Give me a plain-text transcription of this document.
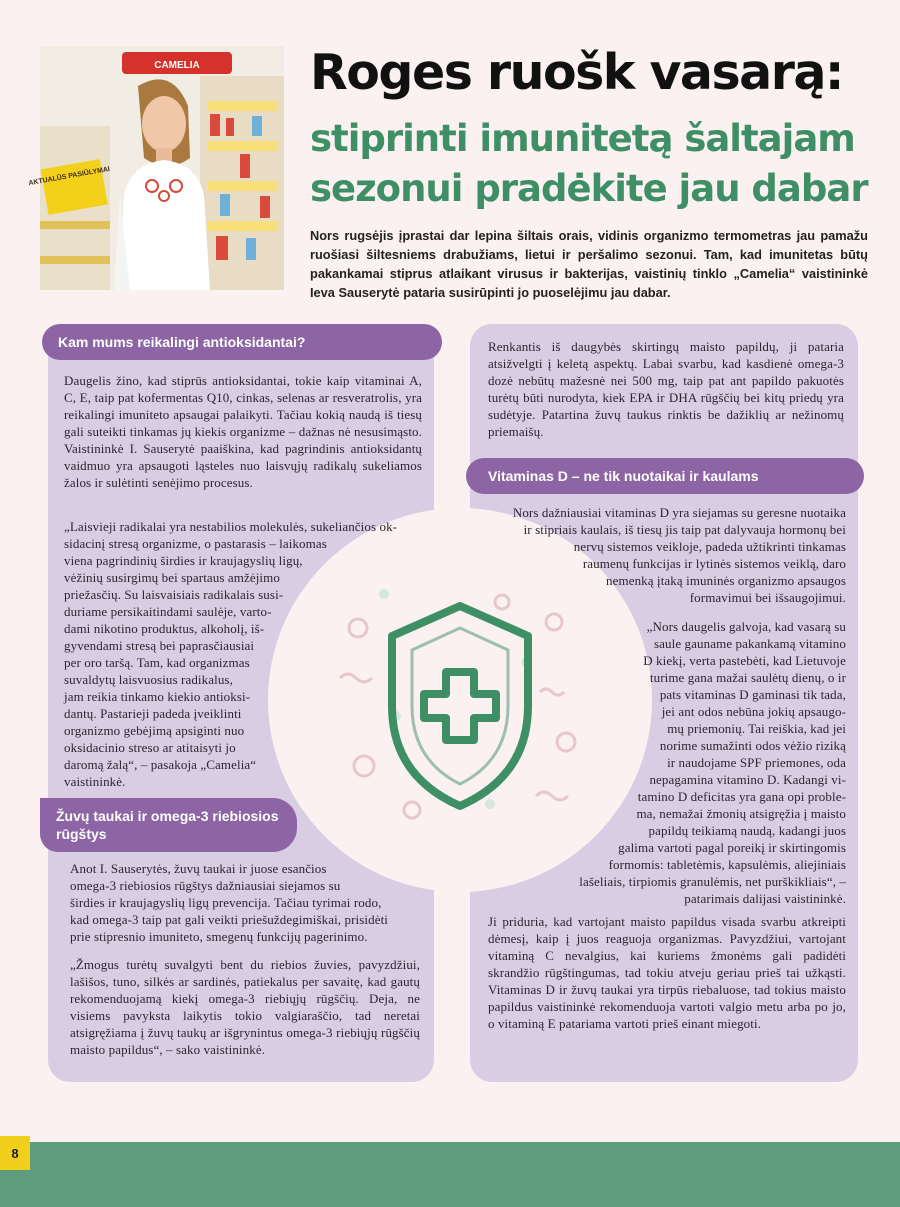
CAMELIA
AKTUALŪS PASIŪLYMAI
Roges ruošk vasarą:
stiprinti imunitetą šaltajam
sezonui pradėkite jau dabar
Nors rugsėjis įprastai dar lepina šiltais orais, vidinis organizmo termometras jau pamažu ruošiasi šiltesniems drabužiams, lietui ir peršalimo sezonui. Tam, kad imunitetas būtų pakankamai stiprus atlaikant virusus ir bakterijas, vaistinių tinklo „Camelia“ vaistininkė Ieva Sauserytė pataria susirūpinti jo puoselėjimu jau dabar.
Kam mums reikalingi antioksidantai?
Vitaminas D – ne tik nuotaikai ir kaulams
Žuvų taukai ir omega-3 riebiosios rūgštys

Daugelis žino, kad stiprūs antioksidantai, tokie kaip vitaminai A, C, E, taip pat kofermentas Q10, cinkas, selenas ar resveratrolis, yra reikalingi imuniteto apsaugai palaikyti. Tačiau kokią naudą iš tiesų gali suteikti tinkamas jų kiekis organizme – dažnas nė nesusimąsto. Vaistininkė I. Sauserytė paaiškina, kad pagrindinis antioksidantų vaidmuo yra apsaugoti ląsteles nuo laisvųjų radikalų sukeliamos žalos ir sulėtinti senėjimo procesus.

„Laisvieji radikalai yra nestabilios molekulės, sukeliančios ok-
sidacinį stresą organizme, o pastarasis – laikomas
viena pagrindinių širdies ir kraujagyslių ligų,
vėžinių susirgimų bei spartaus amžėjimo
priežasčių. Su laisvaisiais radikalais susi-
duriame persikaitindami saulėje, varto-
dami nikotino produktus, alkoholį, iš-
gyvendami stresą bei paprasčiausiai
per oro taršą. Tam, kad organizmas
suvaldytų laisvuosius radikalus,
jam reikia tinkamo kiekio antioksi-
dantų. Pastarieji padeda įveiklinti
organizmo gebėjimą apsiginti nuo
oksidacinio streso ar atitaisyti jo
daromą žalą“, – pasakoja „Camelia“
vaistininkė.
Anot I. Sauserytės, žuvų taukai ir juose esančios
omega-3 riebiosios rūgštys dažniausiai siejamos su
širdies ir kraujagyslių ligų prevencija. Tačiau tyrimai rodo,
kad omega-3 taip pat gali veikti priešuždegimiškai, prisidėti
prie stipresnio imuniteto, smegenų funkcijų pagerinimo.
„Žmogus turėtų suvalgyti bent du riebios žuvies, pavyzdžiui, lašišos, tuno, silkės ar sardinės, patiekalus per savaitę, kad gautų rekomenduojamą kiekį omega-3 riebiųjų rūgščių. Deja, ne visiems pavyksta laikytis tokio valgiaraščio, tad neretai atsigręžiama į žuvų taukų ar išgrynintus omega-3 riebiųjų rūgščių maisto papildus“, – sako vaistininkė.
Renkantis iš daugybės skirtingų maisto papildų, ji pataria atsižvelgti į keletą aspektų. Labai svarbu, kad kasdienė omega-3 dozė nebūtų mažesnė nei 500 mg, taip pat ant papildo pakuotės turėtų būti nurodyta, kiek EPA ir DHA rūgščių bei kitų priedų yra sudėtyje. Patartina žuvų taukus rinktis be dažiklių ar nežinomų priemaišų.
Nors dažniausiai vitaminas D yra siejamas su geresne nuotaika
ir stipriais kaulais, iš tiesų jis taip pat dalyvauja hormonų bei
nervų sistemos veikloje, padeda užtikrinti tinkamas
raumenų funkcijas ir lytinės sistemos veiklą, daro
nemenką įtaką imuninės organizmo apsaugos
formavimui bei išsaugojimui.
„Nors daugelis galvoja, kad vasarą su
saule gauname pakankamą vitamino
D kiekį, verta pastebėti, kad Lietuvoje
turime gana mažai saulėtų dienų, o ir
pats vitaminas D gaminasi tik tada,
jei ant odos nebūna jokių apsaugo-
mų priemonių. Tai reiškia, kad jei
norime sumažinti odos vėžio riziką
ir naudojame SPF priemones, oda
nepagamina vitamino D. Kadangi vi-
tamino D deficitas yra gana opi proble-
ma, nemažai žmonių atsigręžia į maisto
papildų teikiamą naudą, kadangi juos
galima vartoti pagal poreikį ir skirtingomis
formomis: tabletėmis, kapsulėmis, aliejiniais
lašeliais, tirpiomis granulėmis, net purškikliais“, –
patarimais dalijasi vaistininkė.
Ji priduria, kad vartojant maisto papildus visada svarbu atkreipti dėmesį, kaip į juos reaguoja organizmas. Pavyzdžiui, vartojant vitaminą C nevalgius, kai kuriems žmonėms gali padidėti skrandžio rūgštingumas, tad tokiu atveju geriau prieš tai užkąsti. Vitaminas D ir žuvų taukai yra tirpūs riebaluose, tad tokius maisto papildus vaistininkė rekomenduoja vartoti valgio metu arba po jo, o vitaminą E patariama vartoti prieš einant miegoti.
8
